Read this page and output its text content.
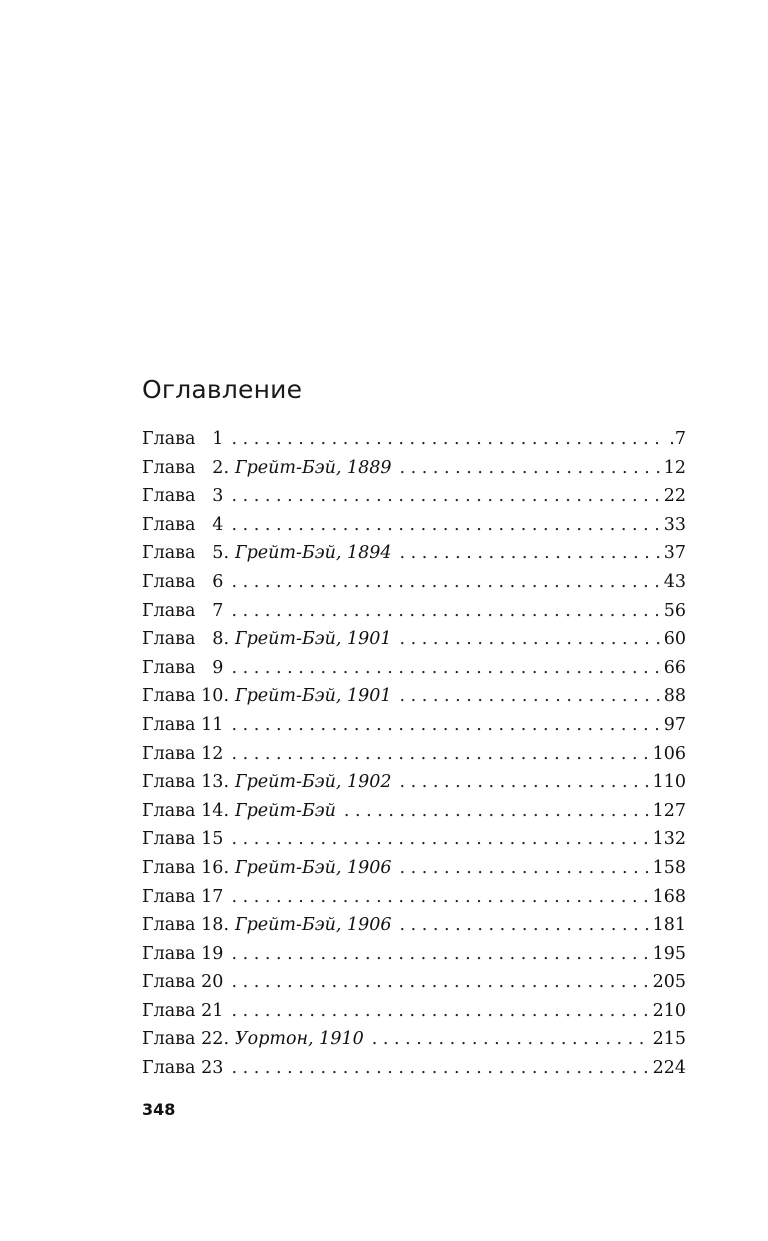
Оглавление
Глава 1 . . .	.7
Глава 2 . Грейт-Бэй, 1889 . . .	12
Глава 3 . . .	22
Глава 4 . . .	33
Глава 5 . Грейт-Бэй, 1894 . . .	37
Глава 6 . . .	43
Глава 7 . . .	56
Глава 8 . Грейт-Бэй, 1901 . . .	60
Глава 9 . . .	66
Глава 10 . Грейт-Бэй, 1901 . . .	88
Глава 11 . . .	97
Глава 12 . . .	106
Глава 13 . Грейт-Бэй, 1902 . . .	110
Глава 14 . Грейт-Бэй . . .	127
Глава 15 . . .	132
Глава 16 . Грейт-Бэй, 1906 . . .	158
Глава 17 . . .	168
Глава 18 . Грейт-Бэй, 1906 . . .	181
Глава 19 . . .	195
Глава 20 . . .	205
Глава 21 . . .	210
Глава 22 . Уортон, 1910 . . .	215
Глава 23 . . .	224
348
